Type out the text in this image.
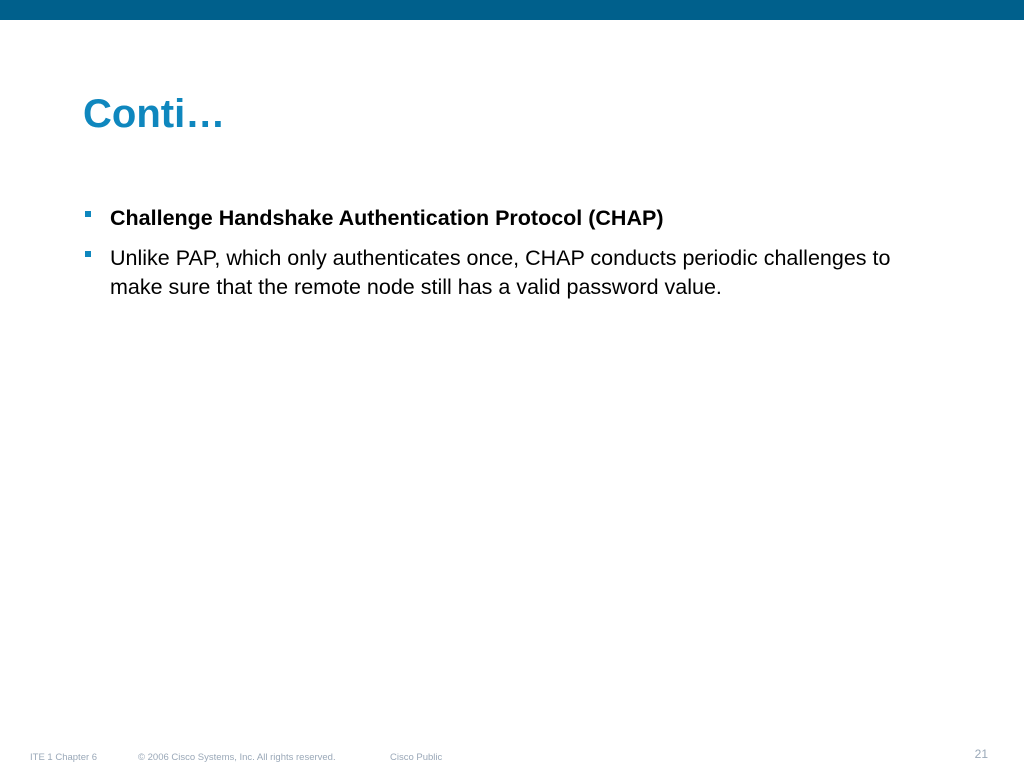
Conti…
Challenge Handshake Authentication Protocol (CHAP)
Unlike PAP, which only authenticates once, CHAP conducts periodic challenges to make sure that the remote node still has a valid password value.
ITE 1 Chapter 6	© 2006 Cisco Systems, Inc. All rights reserved.	Cisco Public	21
